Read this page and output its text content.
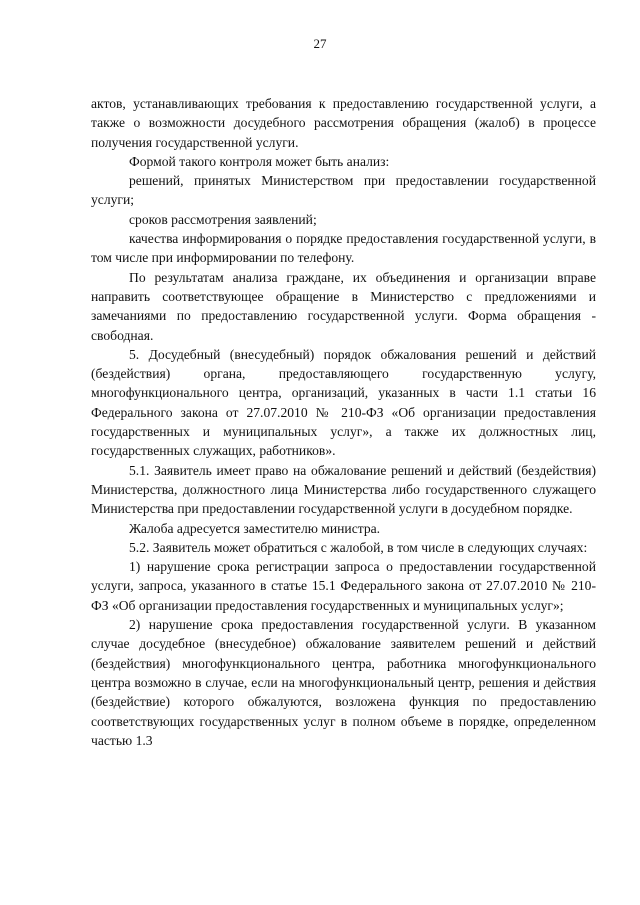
27

актов, устанавливающих требования к предоставлению государственной услуги, а также о возможности досудебного рассмотрения обращения (жалоб) в процессе получения государственной услуги.

Формой такого контроля может быть анализ:

решений, принятых Министерством при предоставлении государственной услуги;

сроков рассмотрения заявлений;

качества информирования о порядке предоставления государственной услуги, в том числе при информировании по телефону.

По результатам анализа граждане, их объединения и организации вправе направить соответствующее обращение в Министерство с предложениями и замечаниями по предоставлению государственной услуги. Форма обращения - свободная.

5. Досудебный (внесудебный) порядок обжалования решений и действий (бездействия) органа, предоставляющего государственную услугу, многофункционального центра, организаций, указанных в части 1.1 статьи 16 Федерального закона от 27.07.2010 № 210-ФЗ «Об организации предоставления государственных и муниципальных услуг», а также их должностных лиц, государственных служащих, работников».

5.1. Заявитель имеет право на обжалование решений и действий (бездействия) Министерства, должностного лица Министерства либо государственного служащего Министерства при предоставлении государственной услуги в досудебном порядке.

Жалоба адресуется заместителю министра.

5.2. Заявитель может обратиться с жалобой, в том числе в следующих случаях:

1) нарушение срока регистрации запроса о предоставлении государственной услуги, запроса, указанного в статье 15.1 Федерального закона от 27.07.2010 № 210-ФЗ «Об организации предоставления государственных и муниципальных услуг»;

2) нарушение срока предоставления государственной услуги. В указанном случае досудебное (внесудебное) обжалование заявителем решений и действий (бездействия) многофункционального центра, работника многофункционального центра возможно в случае, если на многофункциональный центр, решения и действия (бездействие) которого обжалуются, возложена функция по предоставлению соответствующих государственных услуг в полном объеме в порядке, определенном частью 1.3
